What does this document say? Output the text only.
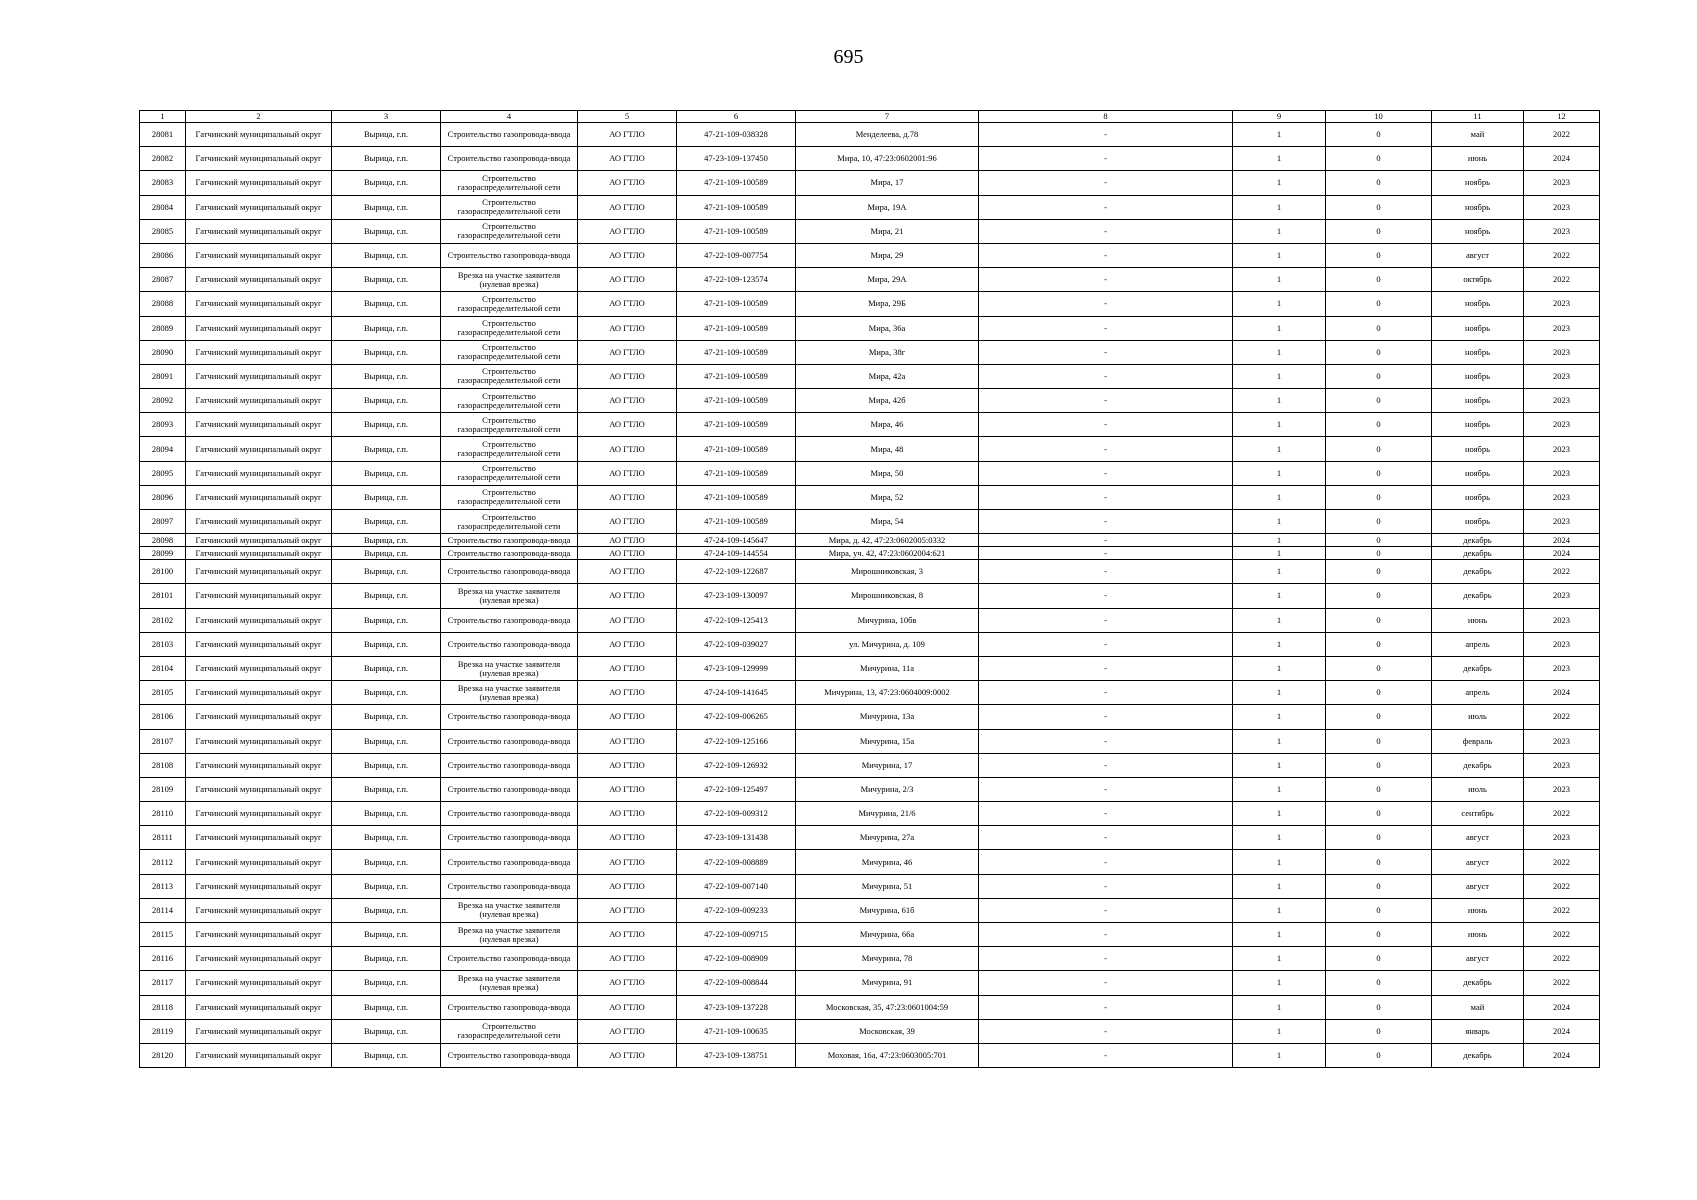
695
1	2	3	4	5	6	7	8	9	10	11	12
28081	Гатчинский муниципальный округ	Вырица, г.п.	Строительство газопровода-ввода	АО ГТЛО	47-21-109-038328	Менделеева, д.78	-	1	0	май	2022
28082	Гатчинский муниципальный округ	Вырица, г.п.	Строительство газопровода-ввода	АО ГТЛО	47-23-109-137450	Мира, 10, 47:23:0602001:96	-	1	0	июнь	2024
28083	Гатчинский муниципальный округ	Вырица, г.п.	Строительство газораспределительной сети	АО ГТЛО	47-21-109-100589	Мира, 17	-	1	0	ноябрь	2023
28084	Гатчинский муниципальный округ	Вырица, г.п.	Строительство газораспределительной сети	АО ГТЛО	47-21-109-100589	Мира, 19А	-	1	0	ноябрь	2023
28085	Гатчинский муниципальный округ	Вырица, г.п.	Строительство газораспределительной сети	АО ГТЛО	47-21-109-100589	Мира, 21	-	1	0	ноябрь	2023
28086	Гатчинский муниципальный округ	Вырица, г.п.	Строительство газопровода-ввода	АО ГТЛО	47-22-109-007754	Мира, 29	-	1	0	август	2022
28087	Гатчинский муниципальный округ	Вырица, г.п.	Врезка на участке заявителя (нулевая врезка)	АО ГТЛО	47-22-109-123574	Мира, 29А	-	1	0	октябрь	2022
28088	Гатчинский муниципальный округ	Вырица, г.п.	Строительство газораспределительной сети	АО ГТЛО	47-21-109-100589	Мира, 29Б	-	1	0	ноябрь	2023
28089	Гатчинский муниципальный округ	Вырица, г.п.	Строительство газораспределительной сети	АО ГТЛО	47-21-109-100589	Мира, 36а	-	1	0	ноябрь	2023
28090	Гатчинский муниципальный округ	Вырица, г.п.	Строительство газораспределительной сети	АО ГТЛО	47-21-109-100589	Мира, 38г	-	1	0	ноябрь	2023
28091	Гатчинский муниципальный округ	Вырица, г.п.	Строительство газораспределительной сети	АО ГТЛО	47-21-109-100589	Мира, 42а	-	1	0	ноябрь	2023
28092	Гатчинский муниципальный округ	Вырица, г.п.	Строительство газораспределительной сети	АО ГТЛО	47-21-109-100589	Мира, 42б	-	1	0	ноябрь	2023
28093	Гатчинский муниципальный округ	Вырица, г.п.	Строительство газораспределительной сети	АО ГТЛО	47-21-109-100589	Мира, 46	-	1	0	ноябрь	2023
28094	Гатчинский муниципальный округ	Вырица, г.п.	Строительство газораспределительной сети	АО ГТЛО	47-21-109-100589	Мира, 48	-	1	0	ноябрь	2023
28095	Гатчинский муниципальный округ	Вырица, г.п.	Строительство газораспределительной сети	АО ГТЛО	47-21-109-100589	Мира, 50	-	1	0	ноябрь	2023
28096	Гатчинский муниципальный округ	Вырица, г.п.	Строительство газораспределительной сети	АО ГТЛО	47-21-109-100589	Мира, 52	-	1	0	ноябрь	2023
28097	Гатчинский муниципальный округ	Вырица, г.п.	Строительство газораспределительной сети	АО ГТЛО	47-21-109-100589	Мира, 54	-	1	0	ноябрь	2023
28098	Гатчинский муниципальный округ	Вырица, г.п.	Строительство газопровода-ввода	АО ГТЛО	47-24-109-145647	Мира, д. 42, 47:23:0602005:0332	-	1	0	декабрь	2024
28099	Гатчинский муниципальный округ	Вырица, г.п.	Строительство газопровода-ввода	АО ГТЛО	47-24-109-144554	Мира, уч. 42, 47:23:0602004:621	-	1	0	декабрь	2024
28100	Гатчинский муниципальный округ	Вырица, г.п.	Строительство газопровода-ввода	АО ГТЛО	47-22-109-122687	Мирошниковская, 3	-	1	0	декабрь	2022
28101	Гатчинский муниципальный округ	Вырица, г.п.	Врезка на участке заявителя (нулевая врезка)	АО ГТЛО	47-23-109-130097	Мирошниковская, 8	-	1	0	декабрь	2023
28102	Гатчинский муниципальный округ	Вырица, г.п.	Строительство газопровода-ввода	АО ГТЛО	47-22-109-125413	Мичурина, 10бв	-	1	0	июнь	2023
28103	Гатчинский муниципальный округ	Вырица, г.п.	Строительство газопровода-ввода	АО ГТЛО	47-22-109-039027	ул. Мичурина, д. 109	-	1	0	апрель	2023
28104	Гатчинский муниципальный округ	Вырица, г.п.	Врезка на участке заявителя (нулевая врезка)	АО ГТЛО	47-23-109-129999	Мичурина, 11а	-	1	0	декабрь	2023
28105	Гатчинский муниципальный округ	Вырица, г.п.	Врезка на участке заявителя (нулевая врезка)	АО ГТЛО	47-24-109-141645	Мичурина, 13, 47:23:0604009:0002	-	1	0	апрель	2024
28106	Гатчинский муниципальный округ	Вырица, г.п.	Строительство газопровода-ввода	АО ГТЛО	47-22-109-006265	Мичурина, 13а	-	1	0	июль	2022
28107	Гатчинский муниципальный округ	Вырица, г.п.	Строительство газопровода-ввода	АО ГТЛО	47-22-109-125166	Мичурина, 15а	-	1	0	февраль	2023
28108	Гатчинский муниципальный округ	Вырица, г.п.	Строительство газопровода-ввода	АО ГТЛО	47-22-109-126932	Мичурина, 17	-	1	0	декабрь	2023
28109	Гатчинский муниципальный округ	Вырица, г.п.	Строительство газопровода-ввода	АО ГТЛО	47-22-109-125497	Мичурина, 2/3	-	1	0	июль	2023
28110	Гатчинский муниципальный округ	Вырица, г.п.	Строительство газопровода-ввода	АО ГТЛО	47-22-109-009312	Мичурина, 21/6	-	1	0	сентябрь	2022
28111	Гатчинский муниципальный округ	Вырица, г.п.	Строительство газопровода-ввода	АО ГТЛО	47-23-109-131438	Мичурина, 27а	-	1	0	август	2023
28112	Гатчинский муниципальный округ	Вырица, г.п.	Строительство газопровода-ввода	АО ГТЛО	47-22-109-008889	Мичурина, 46	-	1	0	август	2022
28113	Гатчинский муниципальный округ	Вырица, г.п.	Строительство газопровода-ввода	АО ГТЛО	47-22-109-007140	Мичурина, 51	-	1	0	август	2022
28114	Гатчинский муниципальный округ	Вырица, г.п.	Врезка на участке заявителя (нулевая врезка)	АО ГТЛО	47-22-109-009233	Мичурина, 61б	-	1	0	июнь	2022
28115	Гатчинский муниципальный округ	Вырица, г.п.	Врезка на участке заявителя (нулевая врезка)	АО ГТЛО	47-22-109-009715	Мичурина, 66а	-	1	0	июнь	2022
28116	Гатчинский муниципальный округ	Вырица, г.п.	Строительство газопровода-ввода	АО ГТЛО	47-22-109-008909	Мичурина, 78	-	1	0	август	2022
28117	Гатчинский муниципальный округ	Вырица, г.п.	Врезка на участке заявителя (нулевая врезка)	АО ГТЛО	47-22-109-008844	Мичурина, 91	-	1	0	декабрь	2022
28118	Гатчинский муниципальный округ	Вырица, г.п.	Строительство газопровода-ввода	АО ГТЛО	47-23-109-137228	Московская, 35, 47:23:0601004:59	-	1	0	май	2024
28119	Гатчинский муниципальный округ	Вырица, г.п.	Строительство газораспределительной сети	АО ГТЛО	47-21-109-100635	Московская, 39	-	1	0	январь	2024
28120	Гатчинский муниципальный округ	Вырица, г.п.	Строительство газопровода-ввода	АО ГТЛО	47-23-109-138751	Моховая, 16а, 47:23:0603005:701	-	1	0	декабрь	2024
